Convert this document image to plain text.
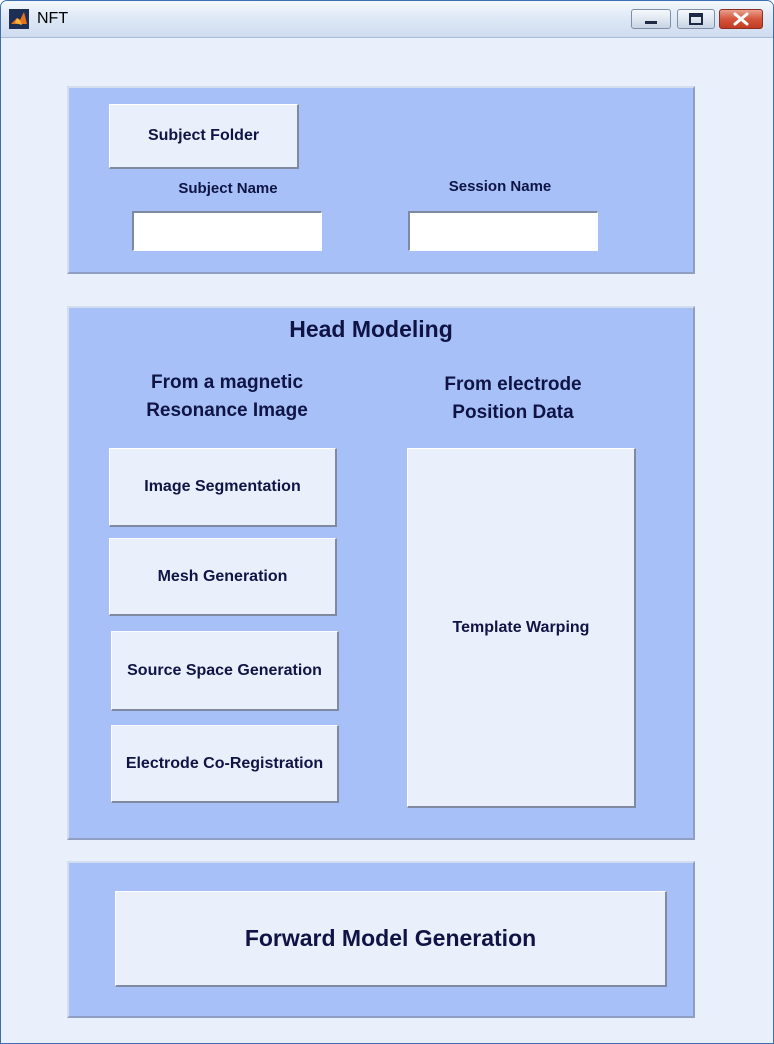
NFT
Subject Folder
Subject Name	Session Name
Head Modeling
From a magnetic
Resonance Image
From electrode
Position Data
Image Segmentation
Mesh Generation
Source Space Generation
Electrode Co-Registration
Template Warping
Forward Model Generation
